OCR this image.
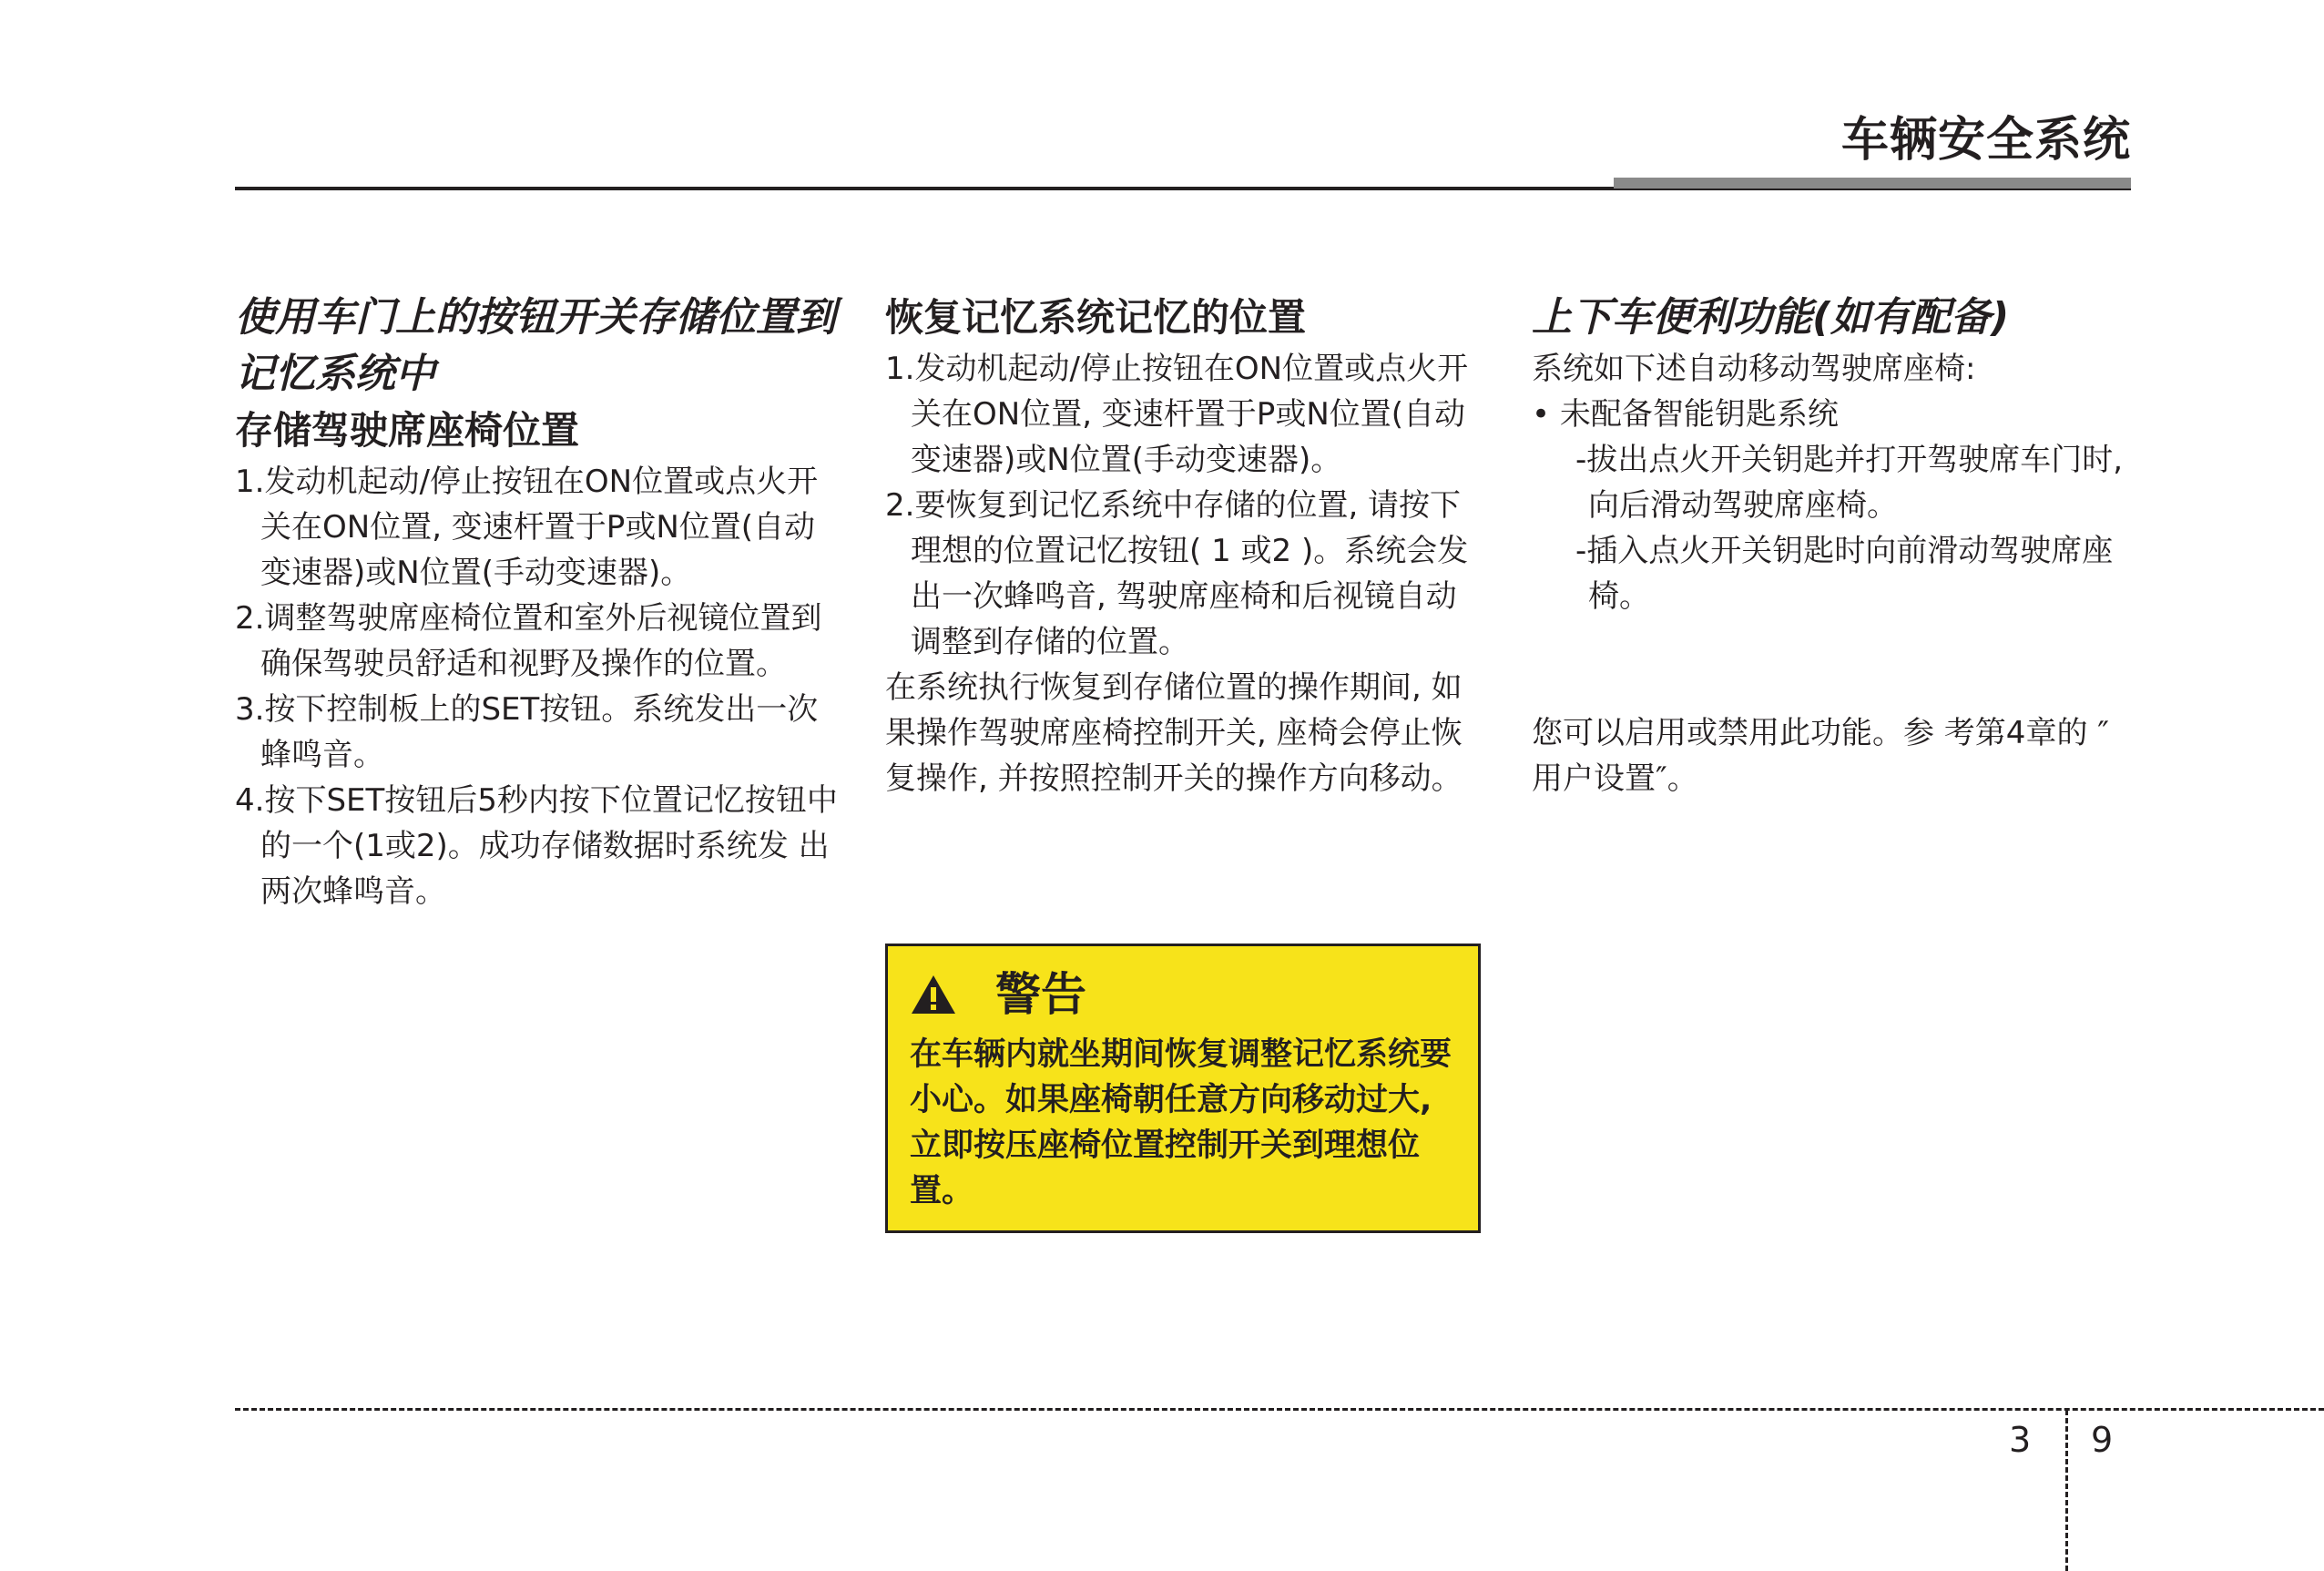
车辆安全系统
使用车门上的按钮开关存储位置到记忆系统中
存储驾驶席座椅位置
1.发动机起动/停止按钮在ON位置或点火开关在ON位置, 变速杆置于P或N位置(自动变速器)或N位置(手动变速器)。
2.调整驾驶席座椅位置和室外后视镜位置到确保驾驶员舒适和视野及操作的位置。
3.按下控制板上的SET按钮。系统发出一次蜂鸣音。
4.按下SET按钮后5秒内按下位置记忆按钮中的一个(1或2)。成功存储数据时系统发 出两次蜂鸣音。
恢复记忆系统记忆的位置
1.发动机起动/停止按钮在ON位置或点火开关在ON位置, 变速杆置于P或N位置(自动变速器)或N位置(手动变速器)。
2.要恢复到记忆系统中存储的位置, 请按下理想的位置记忆按钮( 1 或2 )。系统会发出一次蜂鸣音, 驾驶席座椅和后视镜自动调整到存储的位置。

在系统执行恢复到存储位置的操作期间, 如果操作驾驶席座椅控制开关, 座椅会停止恢复操作, 并按照控制开关的操作方向移动。

警告

在车辆内就坐期间恢复调整记忆系统要小心。如果座椅朝任意方向移动过大, 立即按压座椅位置控制开关到理想位置。

上下车便利功能(如有配备)

系统如下述自动移动驾驶席座椅:

• 未配备智能钥匙系统
-拔出点火开关钥匙并打开驾驶席车门时, 向后滑动驾驶席座椅。
-插入点火开关钥匙时向前滑动驾驶席座椅。

您可以启用或禁用此功能。参 考第4章的 ″用户设置″。

3 9
